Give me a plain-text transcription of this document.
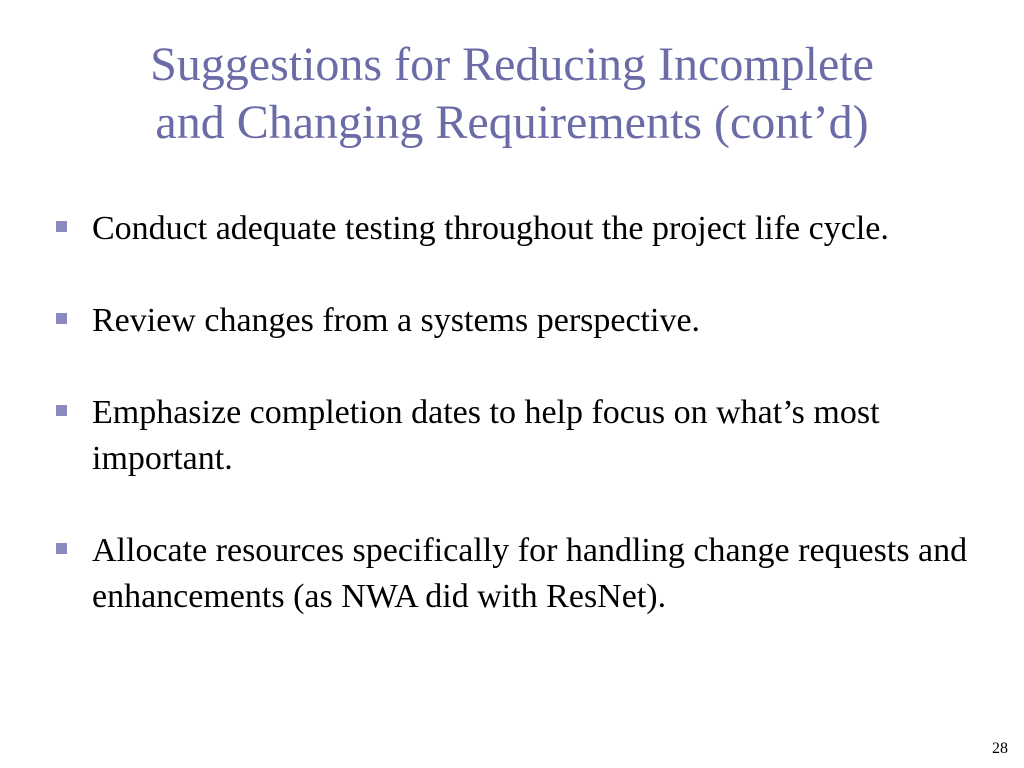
Suggestions for Reducing Incomplete
and Changing Requirements (cont’d)
Conduct adequate testing throughout the project life cycle.
Review changes from a systems perspective.
Emphasize completion dates to help focus on what’s most important.
Allocate resources specifically for handling change requests and enhancements (as NWA did with ResNet).
28
